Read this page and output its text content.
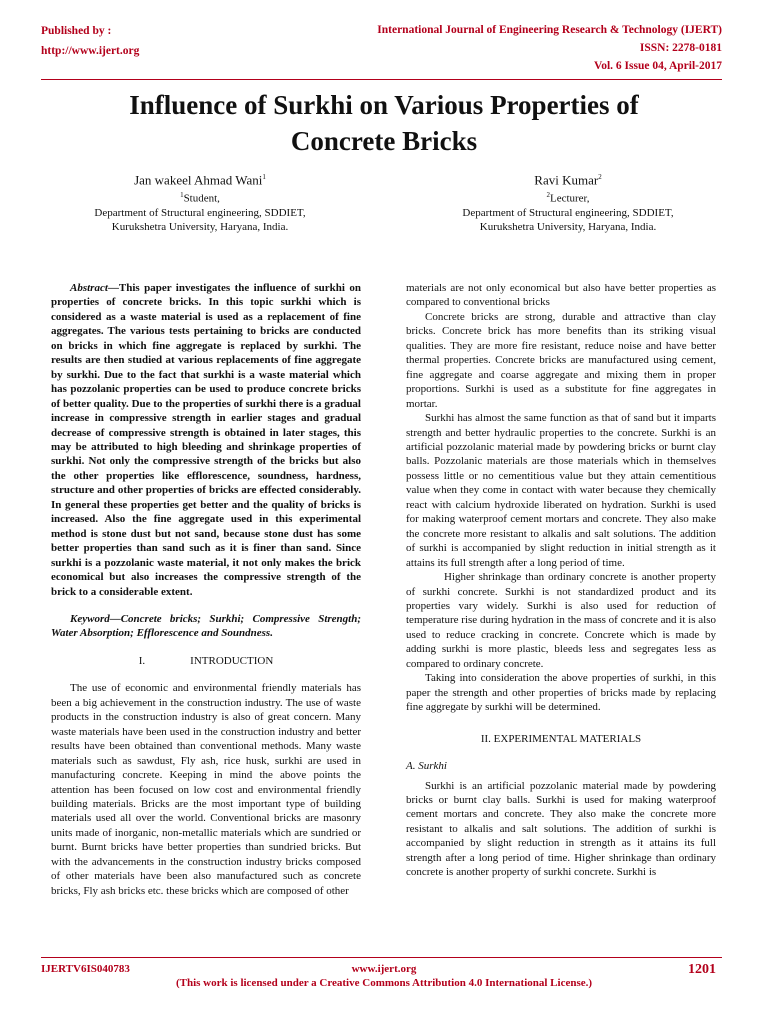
Published by :
http://www.ijert.org
International Journal of Engineering Research & Technology (IJERT)
ISSN: 2278-0181
Vol. 6 Issue 04, April-2017
Influence of Surkhi on Various Properties of
Concrete Bricks
Jan wakeel Ahmad Wani$^1$
$^1$Student,
Department of Structural engineering, SDDIET,
Kurukshetra University, Haryana, India.
Ravi Kumar$^2$
$^2$Lecturer,
Department of Structural engineering, SDDIET,
Kurukshetra University, Haryana, India.

Abstract—This paper investigates the influence of surkhi on properties of concrete bricks. In this topic surkhi which is considered as a waste material is used as a replacement of fine aggregates. The various tests pertaining to bricks are conducted on bricks in which fine aggregate is replaced by surkhi. The results are then studied at various replacements of fine aggregate by surkhi. Due to the fact that surkhi is a waste material which has pozzolanic properties can be used to produce concrete bricks of better quality. Due to the properties of surkhi there is a gradual increase in compressive strength in earlier stages and gradual decrease of compressive strength is obtained in later stages, this may be attributed to high bleeding and shrinkage properties of surkhi. Not only the compressive strength of the bricks but also the other properties like efflorescence, soundness, hardness, structure and other properties of bricks are effected considerably. In general these properties get better and the quality of bricks is increased. Also the fine aggregate used in this experimental method is stone dust but not sand, because stone dust has some better properties than sand such as it is finer than sand. Since surkhi is a pozzolanic waste material, it not only makes the brick economical but also increases the compressive strength of the brick to a considerable extent.

Keyword—Concrete bricks; Surkhi; Compressive Strength; Water Absorption; Efflorescence and Soundness.

I.	INTRODUCTION

The use of economic and environmental friendly materials has been a big achievement in the construction industry. The use of waste products in the construction industry is also of great concern. Many waste materials have been used in the construction industry and better results have been obtained than conventional methods. Many waste materials such as sawdust, Fly ash, rice husk, surkhi are used in manufacturing concrete. Keeping in mind the above points the attention has been focused on low cost and environmental friendly building materials. Bricks are the most important type of building materials used all over the world. Conventional bricks are masonry units made of inorganic, non-metallic materials which are sundried or burnt. Burnt bricks have better properties than sundried bricks. But with the advancements in the construction industry bricks composed of other materials have been also manufactured such as concrete bricks, Fly ash bricks etc. these bricks which are composed of other

materials are not only economical but also have better properties as compared to conventional bricks

Concrete bricks are strong, durable and attractive than clay bricks. Concrete brick has more benefits than its striking visual qualities. They are more fire resistant, reduce noise and have better thermal properties. Concrete bricks are manufactured using cement, fine aggregate and coarse aggregate and mixing them in proper proportions. Surkhi is used as a substitute for fine aggregates in mortar.

Surkhi has almost the same function as that of sand but it imparts strength and better hydraulic properties to the concrete. Surkhi is an artificial pozzolanic material made by powdering bricks or burnt clay balls. Pozzolanic materials are those materials which in themselves possess little or no cementitious value but they attain cementitious value when they come in contact with water because they chemically react with calcium hydroxide liberated on hydration. Surkhi is used for making waterproof cement mortars and concrete. They also make the concrete more resistant to alkalis and salt solutions. The addition of surkhi is accompanied by slight reduction in initial strength as it attains its full strength after a long period of time.

Higher shrinkage than ordinary concrete is another property of surkhi concrete. Surkhi is not standardized product and its properties vary widely. Surkhi is also used for reduction of temperature rise during hydration in the mass of concrete and it is also used to reduce cracking in concrete. Concrete which is made by adding surkhi is more plastic, bleeds less and segregates less as compared to ordinary concrete.

Taking into consideration the above properties of surkhi, in this paper the strength and other properties of bricks made by replacing fine aggregate by surkhi will be determined.

II. EXPERIMENTAL MATERIALS

A. Surkhi

Surkhi is an artificial pozzolanic material made by powdering bricks or burnt clay balls. Surkhi is used for making waterproof cement mortars and concrete. They also make the concrete more resistant to alkalis and salt solutions. The addition of surkhi is accompanied by slight reduction in strength as it attains its full strength after a long period of time. Higher shrinkage than ordinary concrete is another property of surkhi concrete. Surkhi is

IJERTV6IS040783	www.ijert.org
(This work is licensed under a Creative Commons Attribution 4.0 International License.)
1201
